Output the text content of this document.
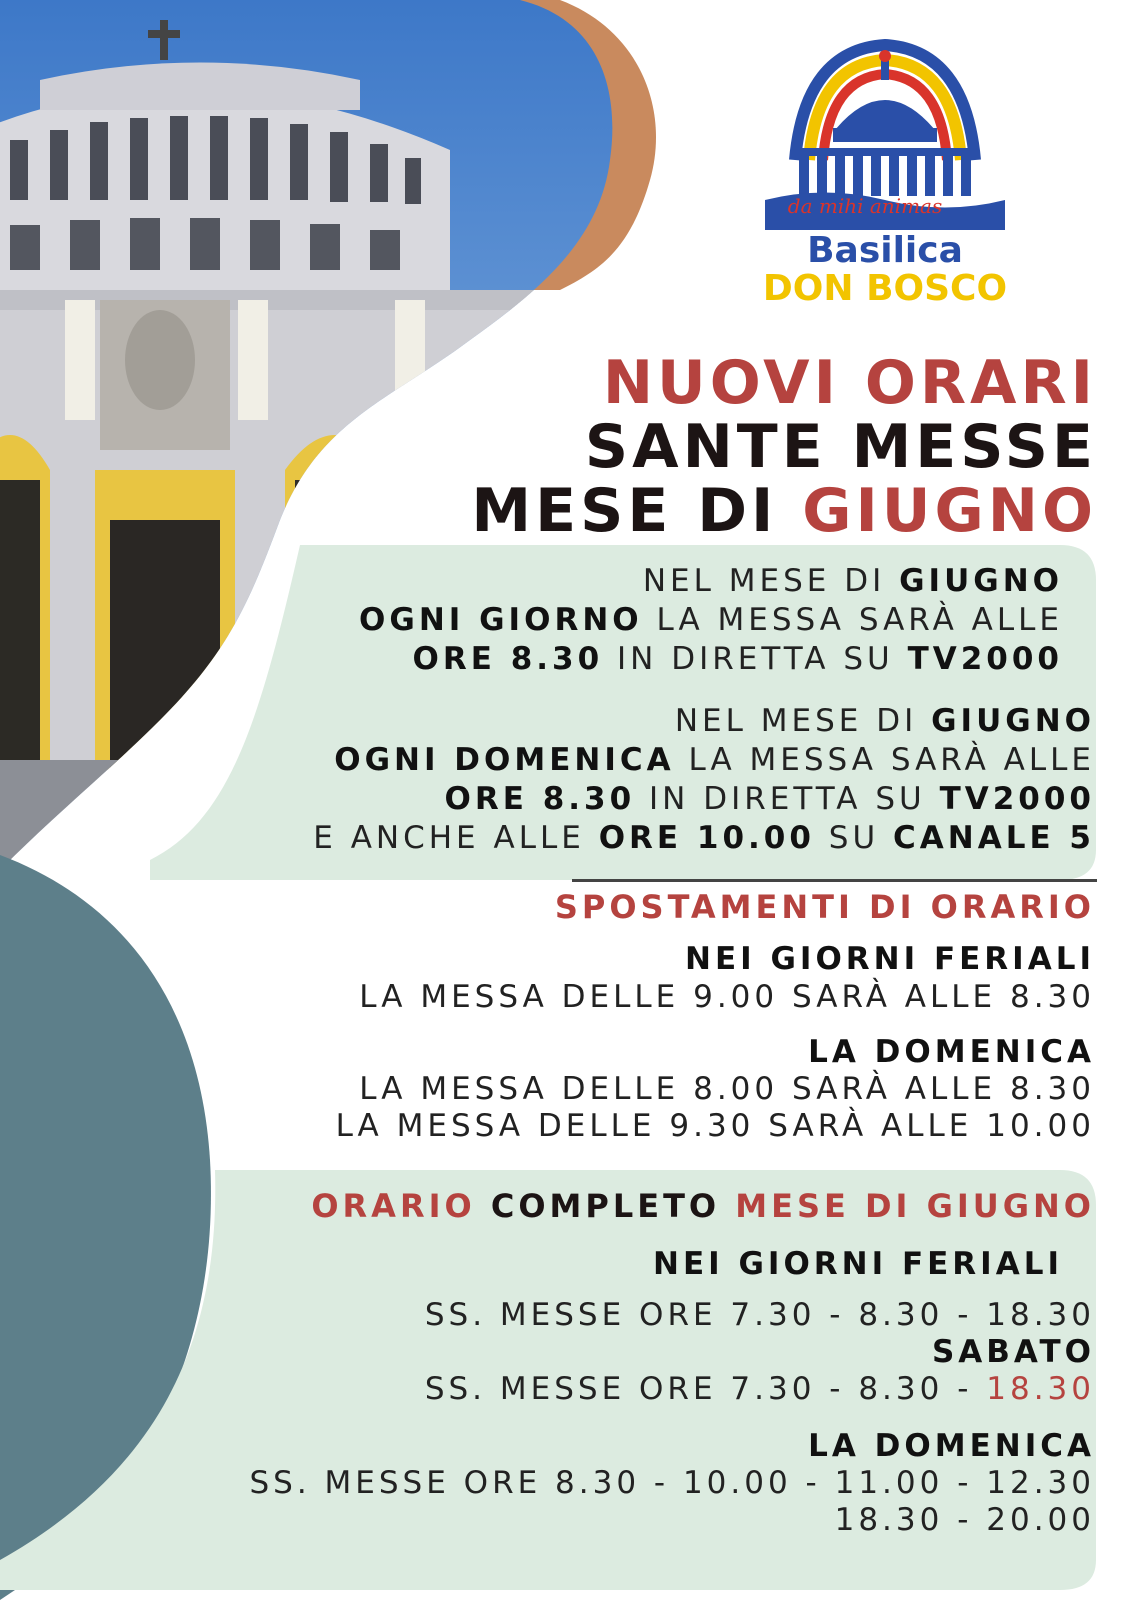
da mihi animas
Basilica
DON BOSCO
NUOVI ORARI
SANTE MESSE
MESE DI GIUGNO
NEL MESE DI GIUGNO
OGNI GIORNO LA MESSA SARÀ ALLE
ORE 8.30 IN DIRETTA SU TV2000
NEL MESE DI GIUGNO
OGNI DOMENICA LA MESSA SARÀ ALLE
ORE 8.30 IN DIRETTA SU TV2000
E ANCHE ALLE ORE 10.00 SU CANALE 5
SPOSTAMENTI DI ORARIO
NEI GIORNI FERIALI
LA MESSA DELLE 9.00 SARÀ ALLE 8.30
LA DOMENICA
LA MESSA DELLE 8.00 SARÀ ALLE 8.30
LA MESSA DELLE 9.30 SARÀ ALLE 10.00
ORARIO COMPLETO MESE DI GIUGNO
NEI GIORNI FERIALI
SS. MESSE ORE 7.30 - 8.30 - 18.30
SABATO
SS. MESSE ORE 7.30 - 8.30 - 18.30
LA DOMENICA
SS. MESSE ORE 8.30 - 10.00 - 11.00 - 12.30
18.30 - 20.00
